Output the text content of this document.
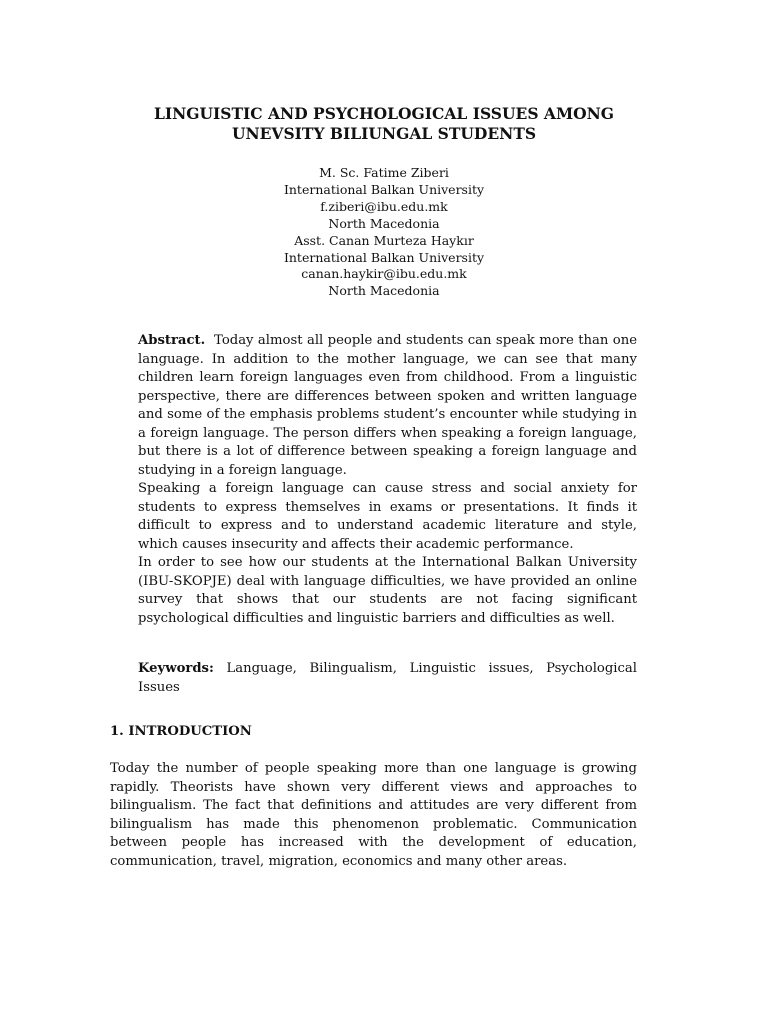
LINGUISTIC AND PSYCHOLOGICAL ISSUES AMONG
UNEVSITY BILIUNGAL STUDENTS
M. Sc. Fatime Ziberi
International Balkan University
f.ziberi@ibu.edu.mk
North Macedonia
Asst. Canan Murteza Haykır
International Balkan University
canan.haykir@ibu.edu.mk
North Macedonia

Abstract. Today almost all people and students can speak more than one language. In addition to the mother language, we can see that many children learn foreign languages even from childhood. From a linguistic perspective, there are differences between spoken and written language and some of the emphasis problems student’s encounter while studying in a foreign language. The person differs when speaking a foreign language, but there is a lot of difference between speaking a foreign language and studying in a foreign language.

Speaking a foreign language can cause stress and social anxiety for students to express themselves in exams or presentations. It finds it difficult to express and to understand academic literature and style, which causes insecurity and affects their academic performance.

In order to see how our students at the International Balkan University (IBU-SKOPJE) deal with language difficulties, we have provided an online survey that shows that our students are not facing significant psychological difficulties and linguistic barriers and difficulties as well.

Keywords: Language, Bilingualism, Linguistic issues, Psychological Issues
1. INTRODUCTION

Today the number of people speaking more than one language is growing rapidly. Theorists have shown very different views and approaches to bilingualism. The fact that definitions and attitudes are very different from bilingualism has made this phenomenon problematic. Communication between people has increased with the development of education, communication, travel, migration, economics and many other areas.
